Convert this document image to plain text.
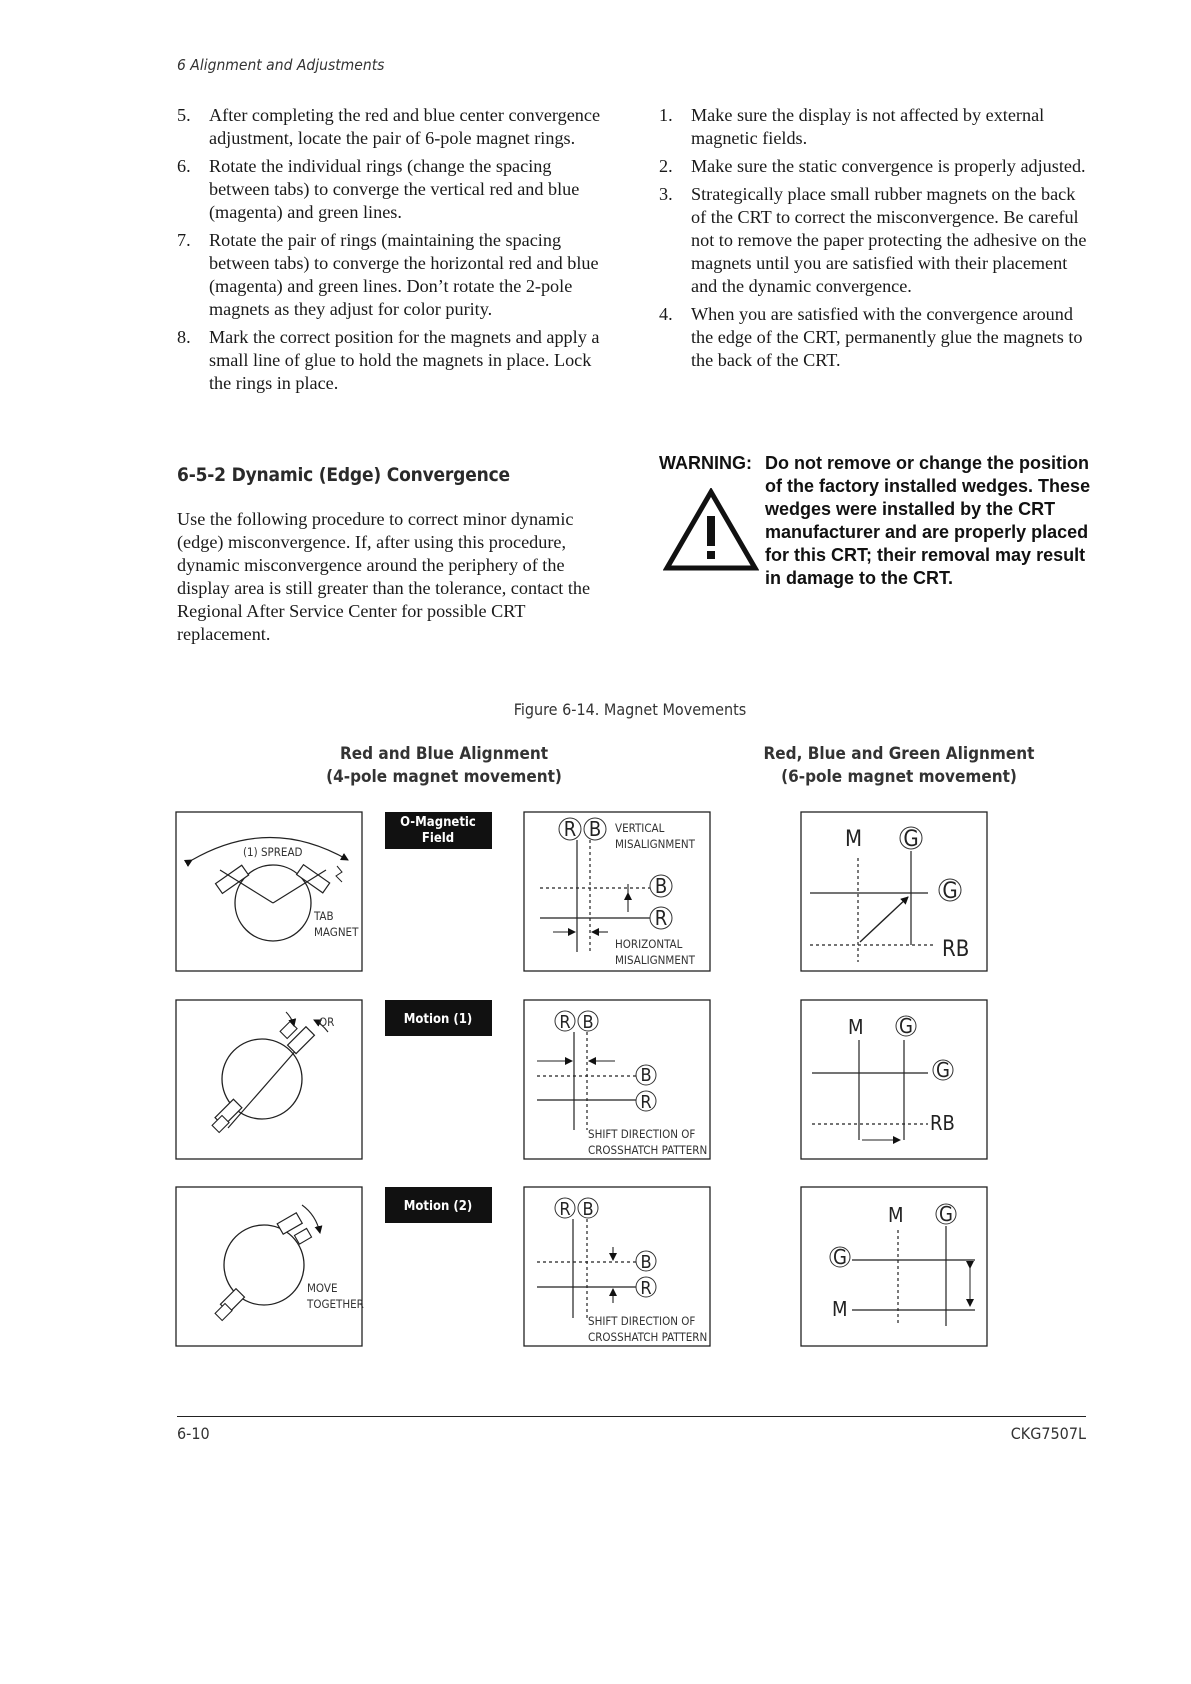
6 Alignment and Adjustments
5. After completing the red and blue center convergence adjustment, locate the pair of 6-pole magnet rings.
6. Rotate the individual rings (change the spacing between tabs) to converge the vertical red and blue (magenta) and green lines.
7. Rotate the pair of rings (maintaining the spacing between tabs) to converge the horizontal red and blue (magenta) and green lines. Don’t rotate the 2-pole magnets as they adjust for color purity.
8. Mark the correct position for the magnets and apply a small line of glue to hold the magnets in place. Lock the rings in place.
6-5-2 Dynamic (Edge) Convergence
Use the following procedure to correct minor dynamic (edge) misconvergence. If, after using this procedure, dynamic misconvergence around the periphery of the display area is still greater than the tolerance, contact the Regional After Service Center for possible CRT replacement.
1. Make sure the display is not affected by external magnetic fields.
2. Make sure the static convergence is properly adjusted.
3. Strategically place small rubber magnets on the back of the CRT to correct the misconvergence. Be careful not to remove the paper protecting the adhesive on the magnets until you are satisfied with their placement and the dynamic convergence.
4. When you are satisfied with the convergence around the edge of the CRT, permanently glue the magnets to the back of the CRT.
WARNING: Do not remove or change the position of the factory installed wedges. These wedges were installed by the CRT manufacturer and are properly placed for this CRT; their removal may result in damage to the CRT.
Figure 6-14. Magnet Movements
Red and Blue Alignment
(4-pole magnet movement)
Red, Blue and Green Alignment
(6-pole magnet movement)
O-Magnetic
Field
Motion (1)
Motion (2)
(1) SPREAD
TAB
MAGNET
OR
MOVE
TOGETHER
R B VERTICAL
MISALIGNMENT
B
R
HORIZONTAL
MISALIGNMENT
R B
B
R
SHIFT DIRECTION OF
CROSSHATCH PATTERN
R B
B
R
SHIFT DIRECTION OF
CROSSHATCH PATTERN
M G
G
RB
M G
G
RB
M G
G
M
6-10	CKG7507L
